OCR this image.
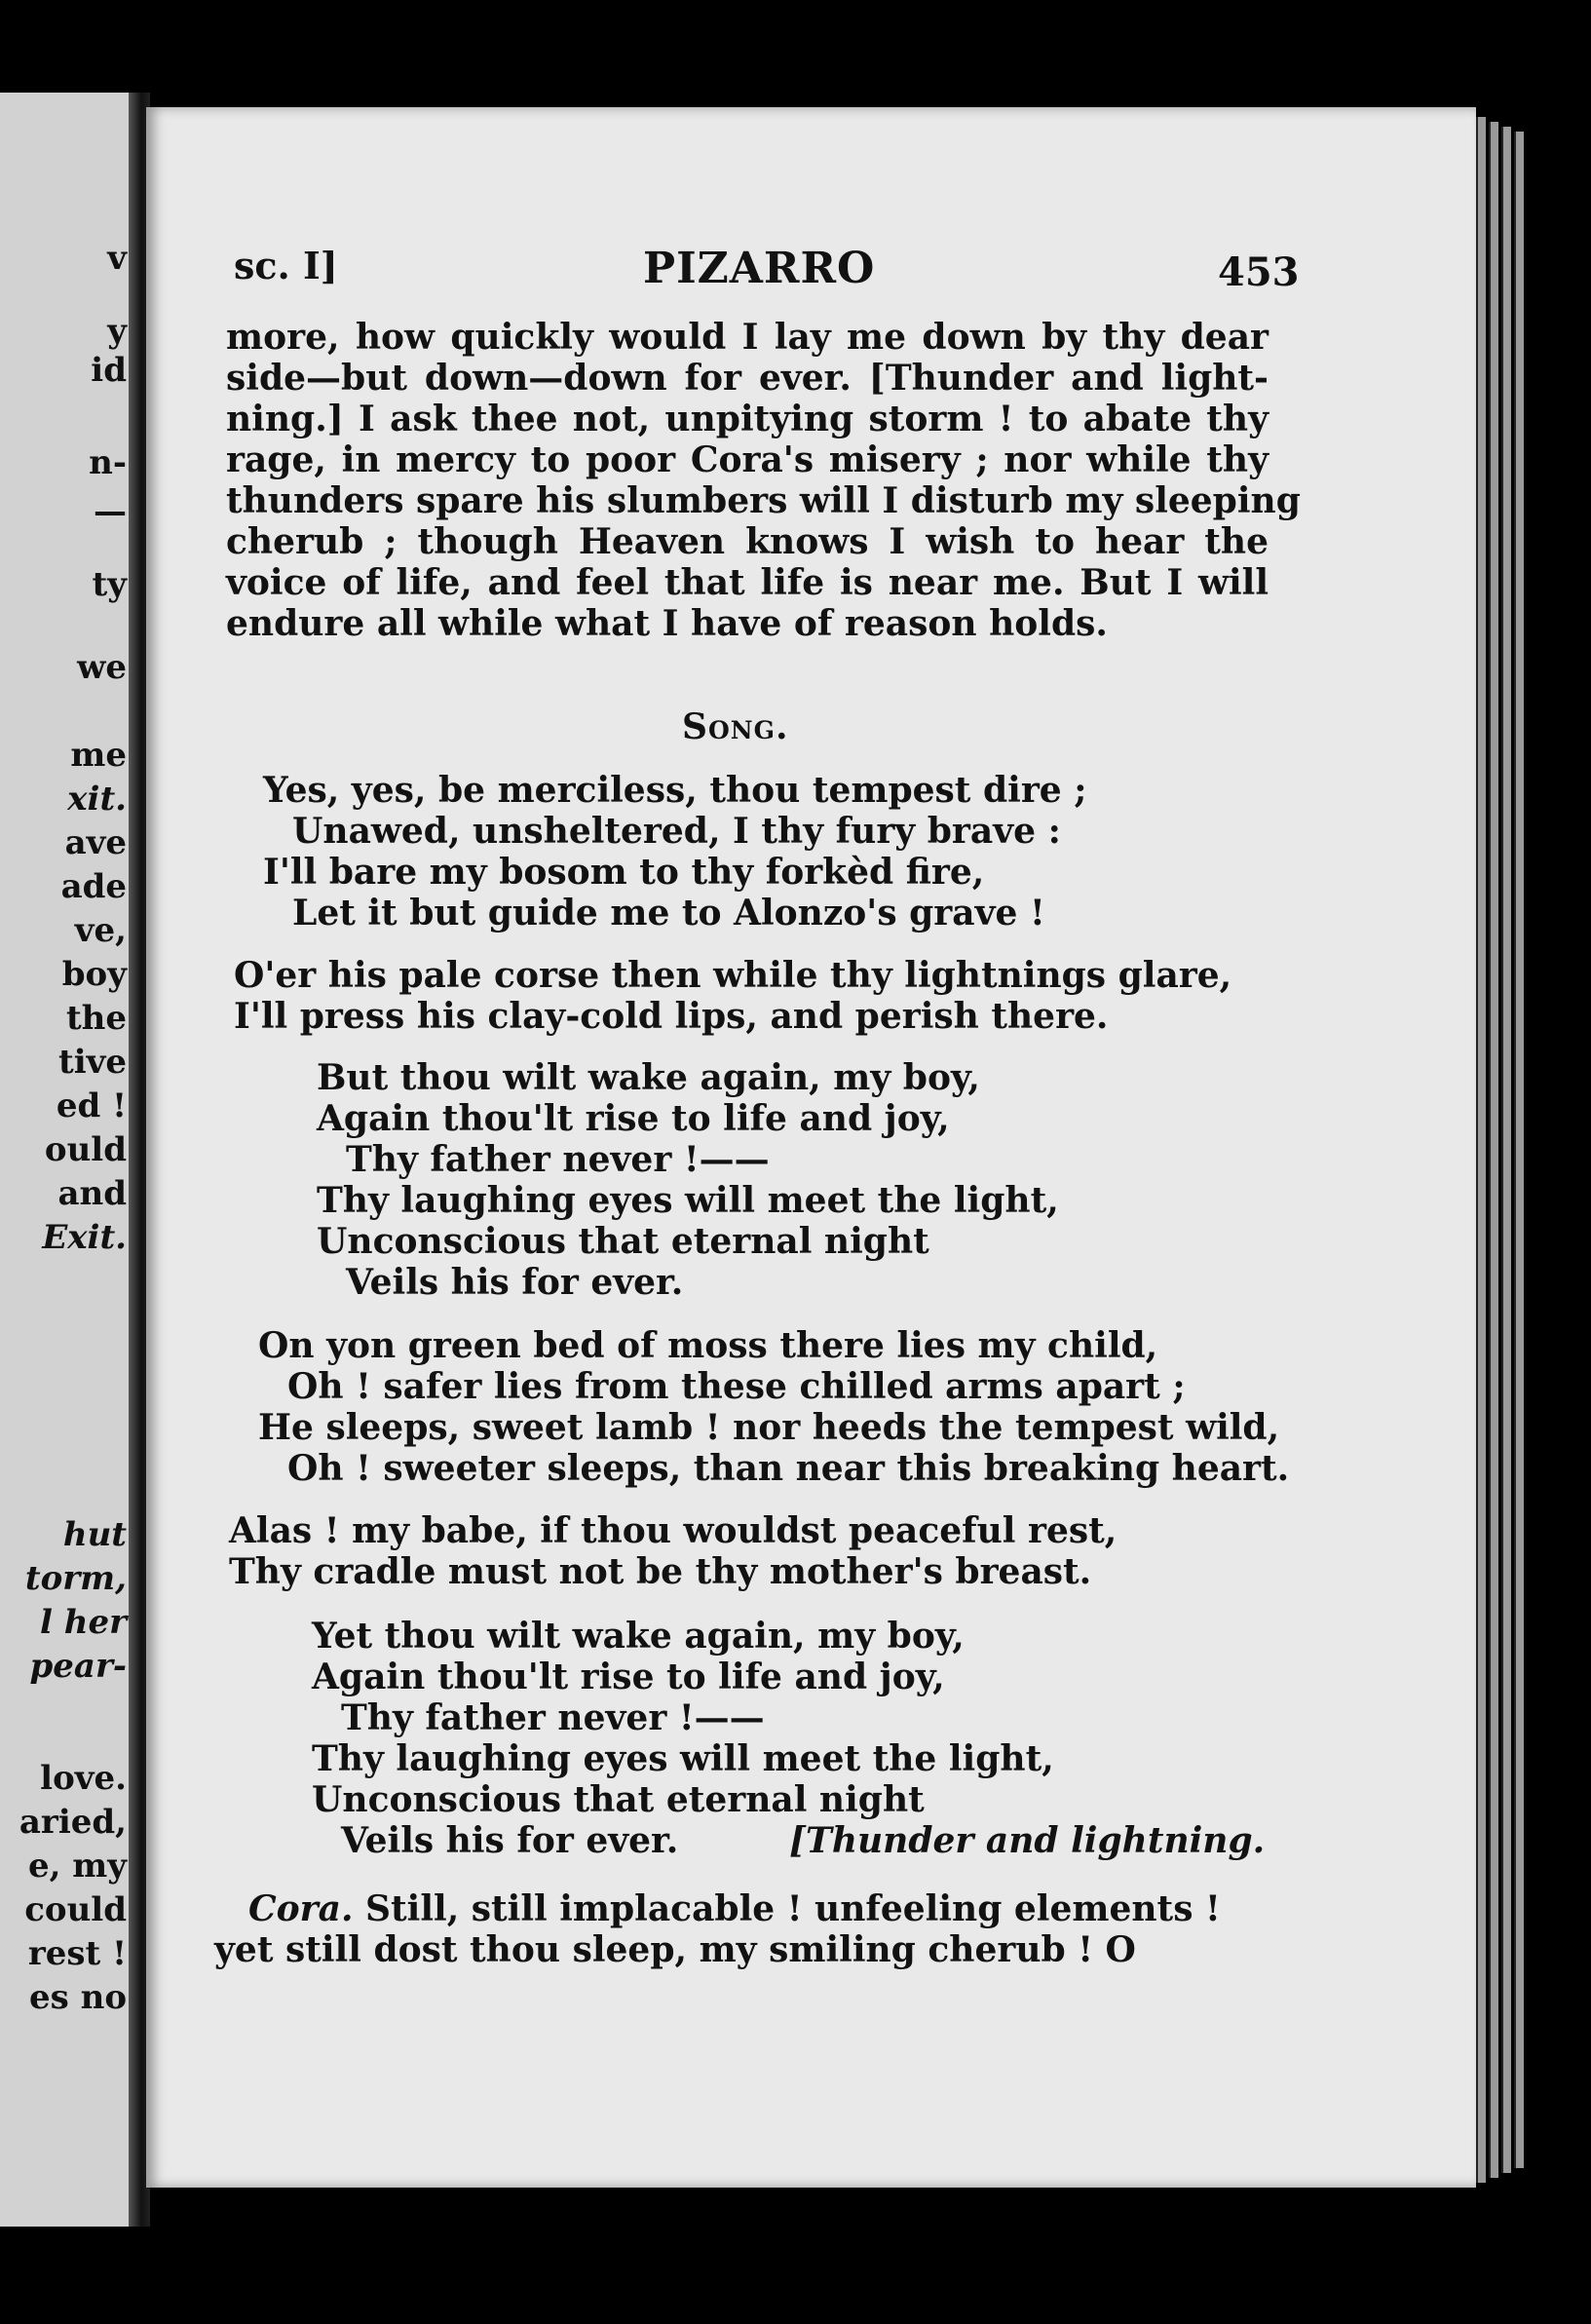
sc. I]	PIZARRO	453
more, how quickly would I lay me down by thy dear
side—but down—down for ever. [Thunder and light-
ning.] I ask thee not, unpitying storm ! to abate thy
rage, in mercy to poor Cora's misery ; nor while thy
thunders spare his slumbers will I disturb my sleeping
cherub ; though Heaven knows I wish to hear the
voice of life, and feel that life is near me. But I will
endure all while what I have of reason holds.
Song.
Yes, yes, be merciless, thou tempest dire ;
Unawed, unsheltered, I thy fury brave :
I'll bare my bosom to thy forkèd fire,
Let it but guide me to Alonzo's grave !
O'er his pale corse then while thy lightnings glare,
I'll press his clay-cold lips, and perish there.
But thou wilt wake again, my boy,
Again thou'lt rise to life and joy,
Thy father never !——
Thy laughing eyes will meet the light,
Unconscious that eternal night
Veils his for ever.
On yon green bed of moss there lies my child,
Oh ! safer lies from these chilled arms apart ;
He sleeps, sweet lamb ! nor heeds the tempest wild,
Oh ! sweeter sleeps, than near this breaking heart.
Alas ! my babe, if thou wouldst peaceful rest,
Thy cradle must not be thy mother's breast.
Yet thou wilt wake again, my boy,
Again thou'lt rise to life and joy,
Thy father never !——
Thy laughing eyes will meet the light,
Unconscious that eternal night
Veils his for ever.	[Thunder and lightning.
Cora. Still, still implacable ! unfeeling elements !
yet still dost thou sleep, my smiling cherub ! O
v
y
id
n-
—
ty
we
me
xit.
ave
ade
ve,
boy
the
tive
ed !
ould
and
Exit.
hut
torm,
l her
pear-
love.
aried,
e, my
could
rest !
es no
